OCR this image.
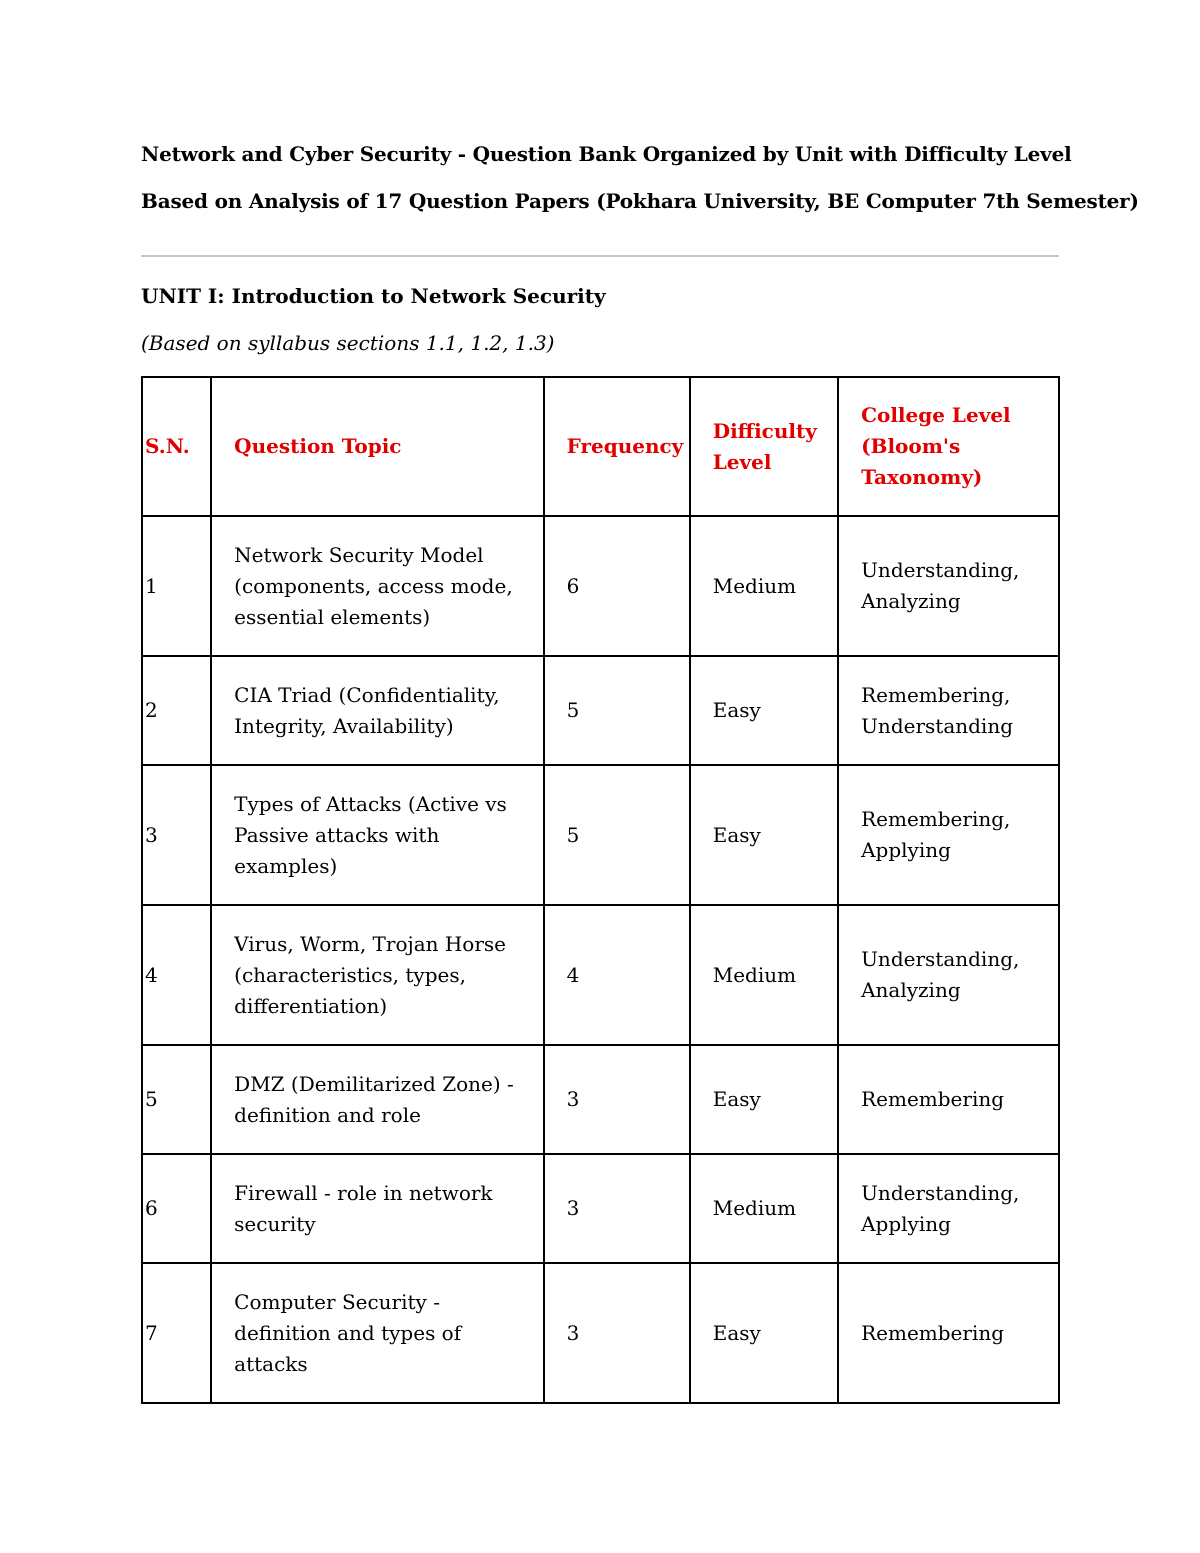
Network and Cyber Security - Question Bank Organized by Unit with Difficulty Level
Based on Analysis of 17 Question Papers (Pokhara University, BE Computer 7th Semester)
UNIT I: Introduction to Network Security
(Based on syllabus sections 1.1, 1.2, 1.3)
S.N.	Question Topic	Frequency	Difficulty Level	College Level (Bloom's Taxonomy)
1	Network Security Model (components, access mode, essential elements)	6	Medium	Understanding, Analyzing
2	CIA Triad (Confidentiality, Integrity, Availability)	5	Easy	Remembering, Understanding
3	Types of Attacks (Active vs Passive attacks with examples)	5	Easy	Remembering, Applying
4	Virus, Worm, Trojan Horse (characteristics, types, differentiation)	4	Medium	Understanding, Analyzing
5	DMZ (Demilitarized Zone) - definition and role	3	Easy	Remembering
6	Firewall - role in network security	3	Medium	Understanding, Applying
7	Computer Security - definition and types of attacks	3	Easy	Remembering
